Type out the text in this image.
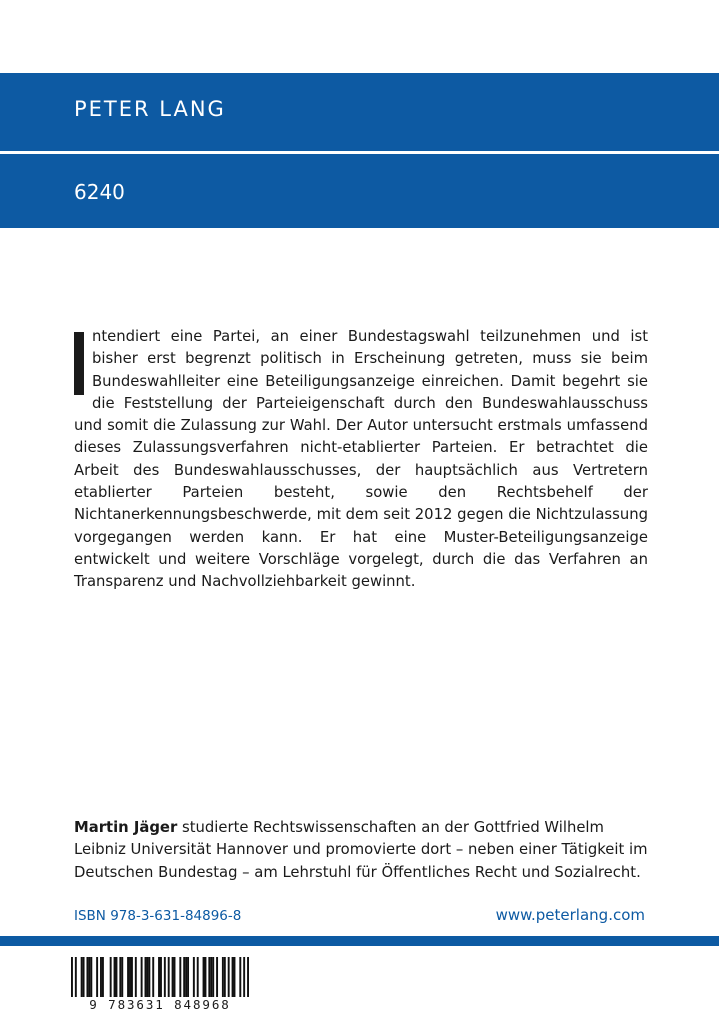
PETER LANG
6240

ntendiert eine Partei, an einer Bundestagswahl teilzunehmen und ist bisher erst begrenzt politisch in Erscheinung getreten, muss sie beim Bundeswahlleiter eine Beteiligungsanzeige einreichen. Damit begehrt sie die Feststellung der Parteieigenschaft durch den Bundeswahlausschuss und somit die Zulassung zur Wahl. Der Autor untersucht erstmals umfassend dieses Zulassungsverfahren nicht-etablierter Parteien. Er betrachtet die Arbeit des Bundeswahlausschusses, der hauptsächlich aus Vertretern etablierter Parteien besteht, sowie den Rechtsbehelf der Nichtanerkennungsbeschwerde, mit dem seit 2012 gegen die Nichtzulassung vorgegangen werden kann. Er hat eine Muster-Beteiligungsanzeige entwickelt und weitere Vorschläge vorgelegt, durch die das Verfahren an Transparenz und Nachvollziehbarkeit gewinnt.

Martin Jäger studierte Rechtswissenschaften an der Gottfried Wilhelm Leibniz Universität Hannover und promovierte dort – neben einer Tätigkeit im Deutschen Bundestag – am Lehrstuhl für Öffentliches Recht und Sozialrecht.

ISBN 978-3-631-84896-8	www.peterlang.com
9 783631 848968
